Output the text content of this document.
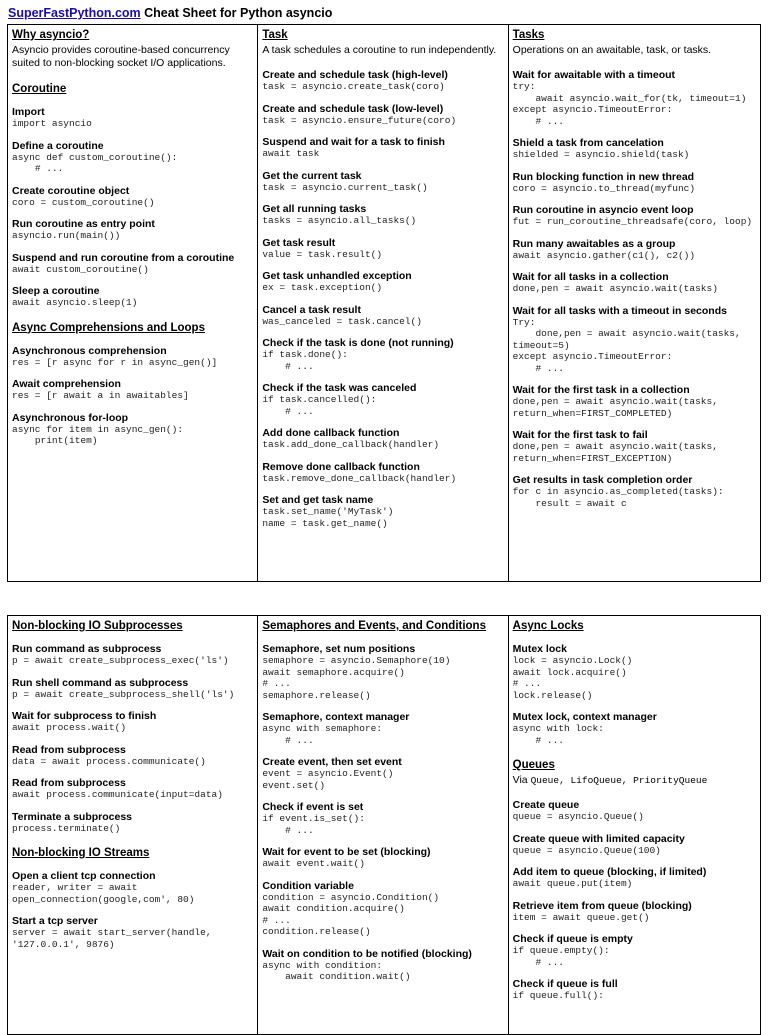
SuperFastPython.com Cheat Sheet for Python asyncio
Why asyncio?
Asyncio provides coroutine-based concurrency suited to non-blocking socket I/O applications.
Coroutine
Import
import asyncio
Define a coroutine
async def custom_coroutine():
# ...
Create coroutine object
coro = custom_coroutine()
Run coroutine as entry point
asyncio.run(main())
Suspend and run coroutine from a coroutine
await custom_coroutine()
Sleep a coroutine
await asyncio.sleep(1)
Async Comprehensions and Loops
Asynchronous comprehension
res = [r async for r in async_gen()]
Await comprehension
res = [r await a in awaitables]
Asynchronous for-loop
async for item in async_gen():
print(item)
Task
A task schedules a coroutine to run independently.
Create and schedule task (high-level)
task = asyncio.create_task(coro)
Create and schedule task (low-level)
task = asyncio.ensure_future(coro)
Suspend and wait for a task to finish
await task
Get the current task
task = asyncio.current_task()
Get all running tasks
tasks = asyncio.all_tasks()
Get task result
value = task.result()
Get task unhandled exception
ex = task.exception()
Cancel a task result
was_canceled = task.cancel()
Check if the task is done (not running)
if task.done():
# ...
Check if the task was canceled
if task.cancelled():
# ...
Add done callback function
task.add_done_callback(handler)
Remove done callback function
task.remove_done_callback(handler)
Set and get task name
task.set_name('MyTask')
name = task.get_name()
Tasks
Operations on an awaitable, task, or tasks.
Wait for awaitable with a timeout
try:
await asyncio.wait_for(tk, timeout=1)
except asyncio.TimeoutError:
# ...
Shield a task from cancelation
shielded = asyncio.shield(task)
Run blocking function in new thread
coro = asyncio.to_thread(myfunc)
Run coroutine in asyncio event loop
fut = run_coroutine_threadsafe(coro, loop)
Run many awaitables as a group
await asyncio.gather(c1(), c2())
Wait for all tasks in a collection
done,pen = await asyncio.wait(tasks)
Wait for all tasks with a timeout in seconds
Try:
done,pen = await asyncio.wait(tasks, timeout=5)
except asyncio.TimeoutError:
# ...
Wait for the first task in a collection
done,pen = await asyncio.wait(tasks, return_when=FIRST_COMPLETED)
Wait for the first task to fail
done,pen = await asyncio.wait(tasks, return_when=FIRST_EXCEPTION)
Get results in task completion order
for c in asyncio.as_completed(tasks):
result = await c
Non-blocking IO Subprocesses
Run command as subprocess
p = await create_subprocess_exec('ls')
Run shell command as subprocess
p = await create_subprocess_shell('ls')
Wait for subprocess to finish
await process.wait()
Read from subprocess
data = await process.communicate()
Read from subprocess
await process.communicate(input=data)
Terminate a subprocess
process.terminate()
Non-blocking IO Streams
Open a client tcp connection
reader, writer = await open_connection(google,com', 80)
Start a tcp server
server = await start_server(handle, '127.0.0.1', 9876)
Semaphores and Events, and Conditions
Semaphore, set num positions
semaphore = asyncio.Semaphore(10)
await semaphore.acquire()
# ...
semaphore.release()
Semaphore, context manager
async with semaphore:
# ...
Create event, then set event
event = asyncio.Event()
event.set()
Check if event is set
if event.is_set():
# ...
Wait for event to be set (blocking)
await event.wait()
Condition variable
condition = asyncio.Condition()
await condition.acquire()
# ...
condition.release()
Wait on condition to be notified (blocking)
async with condition:
await condition.wait()
Async Locks
Mutex lock
lock = asyncio.Lock()
await lock.acquire()
# ...
lock.release()
Mutex lock, context manager
async with lock:
# ...
Queues
Via Queue, LifoQueue, PriorityQueue
Create queue
queue = asyncio.Queue()
Create queue with limited capacity
queue = asyncio.Queue(100)
Add item to queue (blocking, if limited)
await queue.put(item)
Retrieve item from queue (blocking)
item = await queue.get()
Check if queue is empty
if queue.empty():
# ...
Check if queue is full
if queue.full():
